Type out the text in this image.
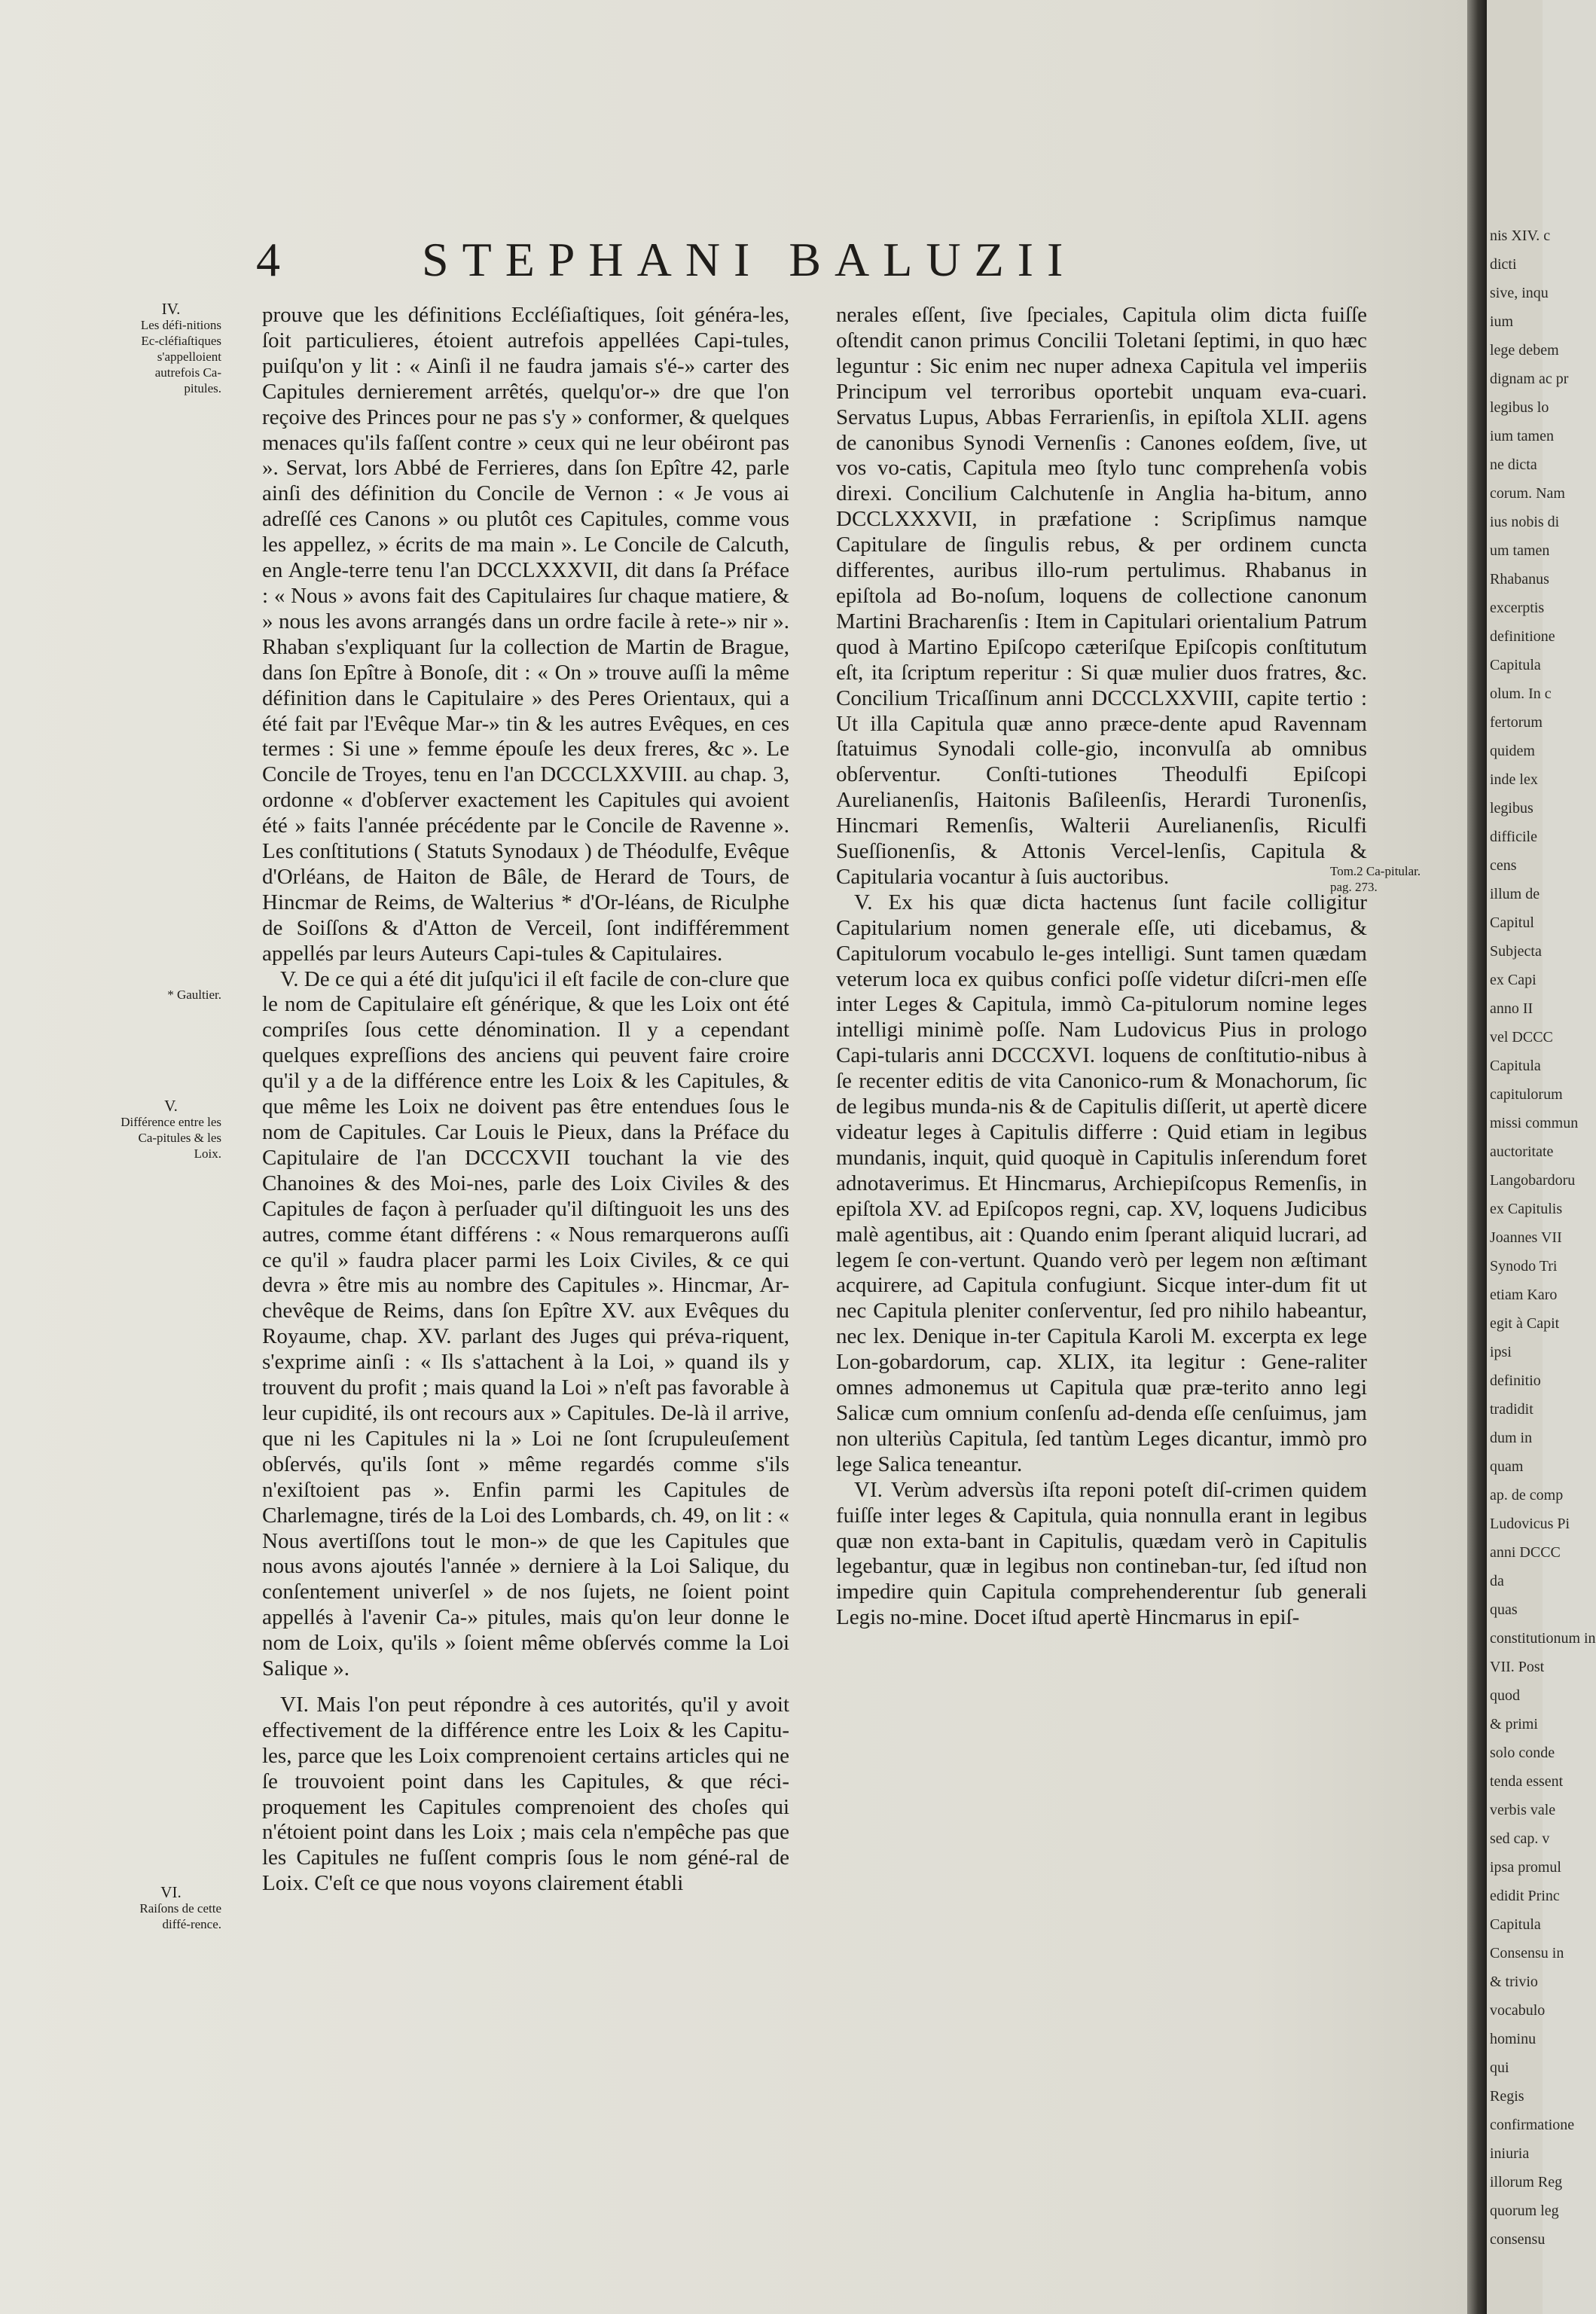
4	STEPHANI BALUZII
IV.
Les défi-nitions Ec-cléfiaſtiques s'appelloient autrefois Ca-pitules.
* Gaultier.
V.
Différence entre les Ca-pitules & les Loix.
VI.
Raiſons de cette diffé-rence.
Tom.2 Ca-pitular. pag. 273.

prouve que les définitions Eccléſiaſtiques, ſoit généra-les, ſoit particulieres, étoient autrefois appellées Capi-tules, puiſqu'on y lit : « Ainſi il ne faudra jamais s'é-» carter des Capitules dernierement arrêtés, quelqu'or-» dre que l'on reçoive des Princes pour ne pas s'y » conformer, & quelques menaces qu'ils faſſent contre » ceux qui ne leur obéiront pas ». Servat, lors Abbé de Ferrieres, dans ſon Epître 42, parle ainſi des définition du Concile de Vernon : « Je vous ai adreſſé ces Canons » ou plutôt ces Capitules, comme vous les appellez, » écrits de ma main ». Le Concile de Calcuth, en Angle-terre tenu l'an DCCLXXXVII, dit dans ſa Préface : « Nous » avons fait des Capitulaires ſur chaque matiere, & » nous les avons arrangés dans un ordre facile à rete-» nir ». Rhaban s'expliquant ſur la collection de Martin de Brague, dans ſon Epître à Bonoſe, dit : « On » trouve auſſi la même définition dans le Capitulaire » des Peres Orientaux, qui a été fait par l'Evêque Mar-» tin & les autres Evêques, en ces termes : Si une » femme épouſe les deux freres, &c ». Le Concile de Troyes, tenu en l'an DCCCLXXVIII. au chap. 3, ordonne « d'obſerver exactement les Capitules qui avoient été » faits l'année précédente par le Concile de Ravenne ». Les conſtitutions ( Statuts Synodaux ) de Théodulfe, Evêque d'Orléans, de Haiton de Bâle, de Herard de Tours, de Hincmar de Reims, de Walterius * d'Or-léans, de Riculphe de Soiſſons & d'Atton de Verceil, ſont indifféremment appellés par leurs Auteurs Capi-tules & Capitulaires.

V. De ce qui a été dit juſqu'ici il eſt facile de con-clure que le nom de Capitulaire eſt générique, & que les Loix ont été compriſes ſous cette dénomination. Il y a cependant quelques expreſſions des anciens qui peuvent faire croire qu'il y a de la différence entre les Loix & les Capitules, & que même les Loix ne doivent pas être entendues ſous le nom de Capitules. Car Louis le Pieux, dans la Préface du Capitulaire de l'an DCCCXVII touchant la vie des Chanoines & des Moi-nes, parle des Loix Civiles & des Capitules de façon à perſuader qu'il diſtinguoit les uns des autres, comme étant différens : « Nous remarquerons auſſi ce qu'il » faudra placer parmi les Loix Civiles, & ce qui devra » être mis au nombre des Capitules ». Hincmar, Ar-chevêque de Reims, dans ſon Epître XV. aux Evêques du Royaume, chap. XV. parlant des Juges qui préva-riquent, s'exprime ainſi : « Ils s'attachent à la Loi, » quand ils y trouvent du profit ; mais quand la Loi » n'eſt pas favorable à leur cupidité, ils ont recours aux » Capitules. De-là il arrive, que ni les Capitules ni la » Loi ne ſont ſcrupuleuſement obſervés, qu'ils ſont » même regardés comme s'ils n'exiſtoient pas ». Enfin parmi les Capitules de Charlemagne, tirés de la Loi des Lombards, ch. 49, on lit : « Nous avertiſſons tout le mon-» de que les Capitules que nous avons ajoutés l'année » derniere à la Loi Salique, du conſentement univerſel » de nos ſujets, ne ſoient point appellés à l'avenir Ca-» pitules, mais qu'on leur donne le nom de Loix, qu'ils » ſoient même obſervés comme la Loi Salique ».

VI. Mais l'on peut répondre à ces autorités, qu'il y avoit effectivement de la différence entre les Loix & les Capitu-les, parce que les Loix comprenoient certains articles qui ne ſe trouvoient point dans les Capitules, & que réci-proquement les Capitules comprenoient des choſes qui n'étoient point dans les Loix ; mais cela n'empêche pas que les Capitules ne fuſſent compris ſous le nom géné-ral de Loix. C'eſt ce que nous voyons clairement établi

nerales eſſent, ſive ſpeciales, Capitula olim dicta fuiſſe oſtendit canon primus Concilii Toletani ſeptimi, in quo hæc leguntur : Sic enim nec nuper adnexa Capitula vel imperiis Principum vel terroribus oportebit unquam eva-cuari. Servatus Lupus, Abbas Ferrarienſis, in epiſtola XLII. agens de canonibus Synodi Vernenſis : Canones eoſdem, ſive, ut vos vo-catis, Capitula meo ſtylo tunc comprehenſa vobis direxi. Concilium Calchutenſe in Anglia ha-bitum, anno DCCLXXXVII, in præfatione : Scripſimus namque Capitulare de ſingulis rebus, & per ordinem cuncta differentes, auribus illo-rum pertulimus. Rhabanus in epiſtola ad Bo-noſum, loquens de collectione canonum Martini Bracharenſis : Item in Capitulari orientalium Patrum quod à Martino Epiſcopo cæteriſque Epiſcopis conſtitutum eſt, ita ſcriptum reperitur : Si quæ mulier duos fratres, &c. Concilium Tricaſſinum anni DCCCLXXVIII, capite tertio : Ut illa Capitula quæ anno præce-dente apud Ravennam ſtatuimus Synodali colle-gio, inconvulſa ab omnibus obſerventur. Conſti-tutiones Theodulfi Epiſcopi Aurelianenſis, Haitonis Baſileenſis, Herardi Turonenſis, Hincmari Remenſis, Walterii Aurelianenſis, Riculfi Sueſſionenſis, & Attonis Vercel-lenſis, Capitula & Capitularia vocantur à ſuis auctoribus.

V. Ex his quæ dicta hactenus ſunt facile colligitur Capitularium nomen generale eſſe, uti dicebamus, & Capitulorum vocabulo le-ges intelligi. Sunt tamen quædam veterum loca ex quibus confici poſſe videtur diſcri-men eſſe inter Leges & Capitula, immò Ca-pitulorum nomine leges intelligi minimè poſſe. Nam Ludovicus Pius in prologo Capi-tularis anni DCCCXVI. loquens de conſtitutio-nibus à ſe recenter editis de vita Canonico-rum & Monachorum, ſic de legibus munda-nis & de Capitulis diſſerit, ut apertè dicere videatur leges à Capitulis differre : Quid etiam in legibus mundanis, inquit, quid quoquè in Capitulis inſerendum foret adnotaverimus. Et Hincmarus, Archiepiſcopus Remenſis, in epiſtola XV. ad Epiſcopos regni, cap. XV, loquens Judicibus malè agentibus, ait : Quando enim ſperant aliquid lucrari, ad legem ſe con-vertunt. Quando verò per legem non æſtimant acquirere, ad Capitula confugiunt. Sicque inter-dum fit ut nec Capitula pleniter conſerventur, ſed pro nihilo habeantur, nec lex. Denique in-ter Capitula Karoli M. excerpta ex lege Lon-gobardorum, cap. XLIX, ita legitur : Gene-raliter omnes admonemus ut Capitula quæ præ-terito anno legi Salicæ cum omnium conſenſu ad-denda eſſe cenſuimus, jam non ulteriùs Capitula, ſed tantùm Leges dicantur, immò pro lege Salica teneantur.

VI. Verùm adversùs iſta reponi poteſt diſ-crimen quidem fuiſſe inter leges & Capitula, quia nonnulla erant in legibus quæ non exta-bant in Capitulis, quædam verò in Capitulis legebantur, quæ in legibus non contineban-tur, ſed iſtud non impedire quin Capitula comprehenderentur ſub generali Legis no-mine. Docet iſtud apertè Hincmarus in epiſ-

nis XIV. c
dicti
sive, inqu
ium
lege debem
dignam ac pr
legibus lo
ium tamen
ne dicta
corum. Nam
ius nobis di
um tamen
Rhabanus
excerptis
definitione
Capitula
olum. In c
fertorum
quidem
inde lex
legibus
difficile
cens
illum de
Capitul
Subjecta
ex Capi
anno II
vel DCCC
Capitula
capitulorum
missi commun
auctoritate
Langobardoru
ex Capitulis
Joannes VII
Synodo Tri
etiam Karo
egit à Capit
ipsi
definitio
tradidit
dum in
quam
ap. de comp
Ludovicus Pi
anni DCCC
da
quas
constitutionum in
VII. Post
quod
& primi
solo conde
tenda essent
verbis vale
sed cap. v
ipsa promul
edidit Princ
Capitula
Consensu in
& trivio
vocabulo
hominu
qui
Regis
confirmatione
iniuria
illorum Reg
quorum leg
consensu
